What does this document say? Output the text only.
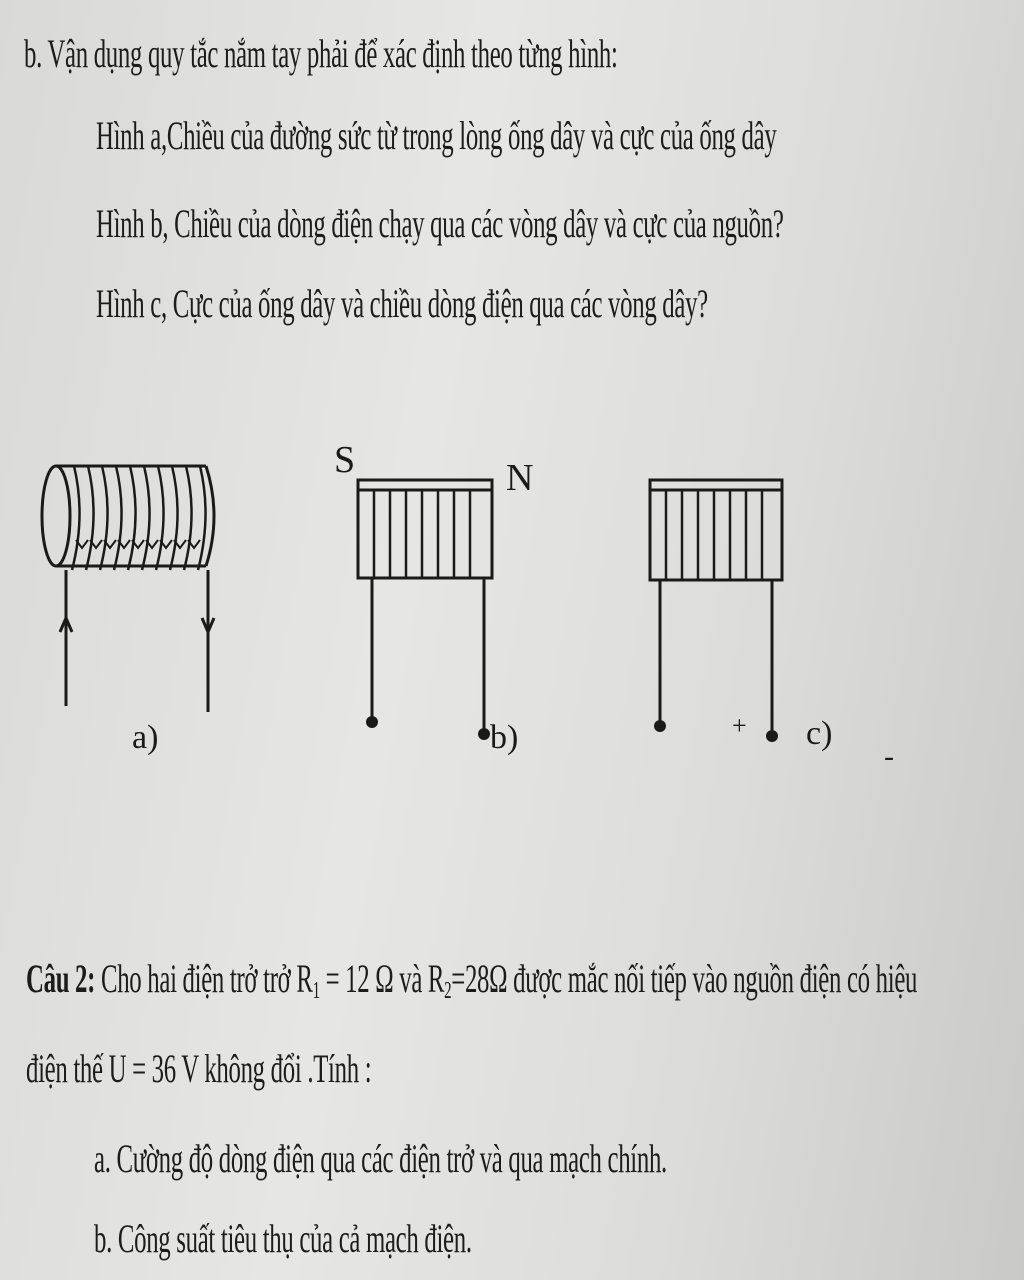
b. Vận dụng quy tắc nắm tay phải để xác định theo từng hình:
Hình a,Chiều của đường sức từ trong lòng ống dây và cực của ống dây
Hình b, Chiều của dòng điện chạy qua các vòng dây và cực của nguồn?
Hình c, Cực của ống dây và chiều dòng điện qua các vòng dây?
a)
S	N
b)	+ c)
-
Câu 2: Cho hai điện trở trở $R_1 = 12$ Ω và $R_2=28\Omega$ được mắc nối tiếp vào nguồn điện có hiệu
điện thế U = 36 V không đổi .Tính :
a. Cường độ dòng điện qua các điện trở và qua mạch chính.
b. Công suất tiêu thụ của cả mạch điện.
